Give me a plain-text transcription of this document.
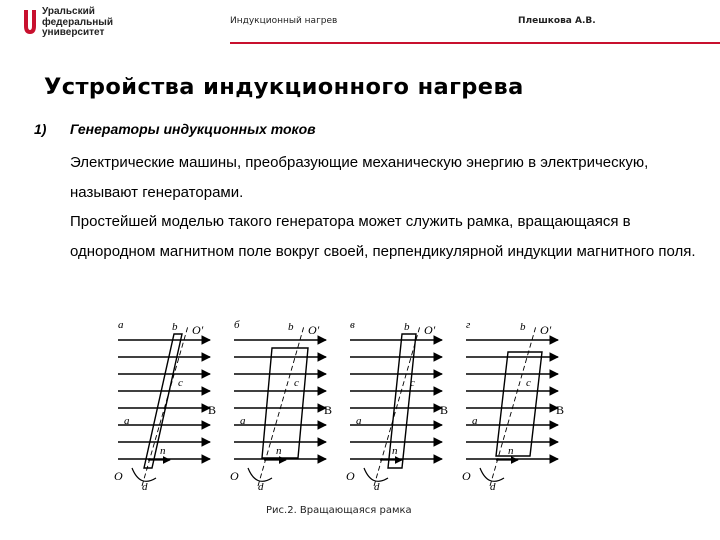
Уральский
федеральный
университет
Индукционный нагрев	Плешкова А.В.
Устройства индукционного нагрева
1) Генераторы индукционных токов

Электрические машины, преобразующие механическую энергию в электрическую, называют генераторами.

Простейшей моделью такого генератора может служить рамка, вращающаяся в однородном магнитном поле вокруг своей, перпендикулярной индукции магнитного поля.

а	b O′
c
a
n
O
d
B
б	b O′
c
a
n
O
d
B
в	b O′
c
a
n
O
d
B
г	b O′
c
a
n
O
d
B
Рис.2. Вращающаяся рамка
